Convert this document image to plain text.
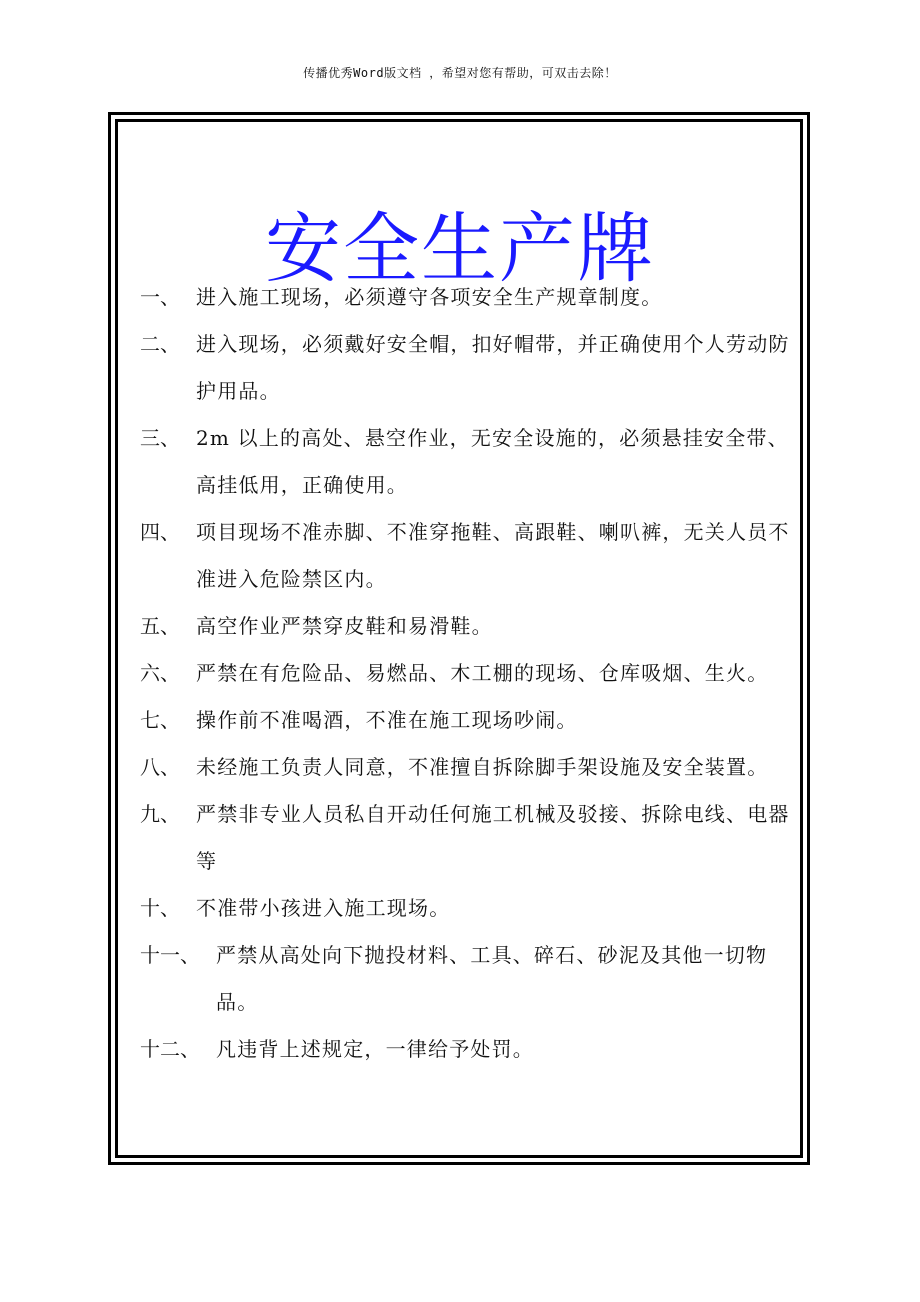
传播优秀Word版文档 ，希望对您有帮助，可双击去除！
安全生产牌
一、 进入施工现场，必须遵守各项安全生产规章制度。
二、 进入现场，必须戴好安全帽，扣好帽带，并正确使用个人劳动防护用品。
三、 2m 以上的高处、悬空作业，无安全设施的，必须悬挂安全带、高挂低用，正确使用。
四、 项目现场不准赤脚、不准穿拖鞋、高跟鞋、喇叭裤，无关人员不准进入危险禁区内。
五、 高空作业严禁穿皮鞋和易滑鞋。
六、 严禁在有危险品、易燃品、木工棚的现场、仓库吸烟、生火。
七、 操作前不准喝酒，不准在施工现场吵闹。
八、 未经施工负责人同意，不准擅自拆除脚手架设施及安全装置。
九、 严禁非专业人员私自开动任何施工机械及驳接、拆除电线、电器等
十、 不准带小孩进入施工现场。
十一、 严禁从高处向下抛投材料、工具、碎石、砂泥及其他一切物品。
十二、 凡违背上述规定，一律给予处罚。
